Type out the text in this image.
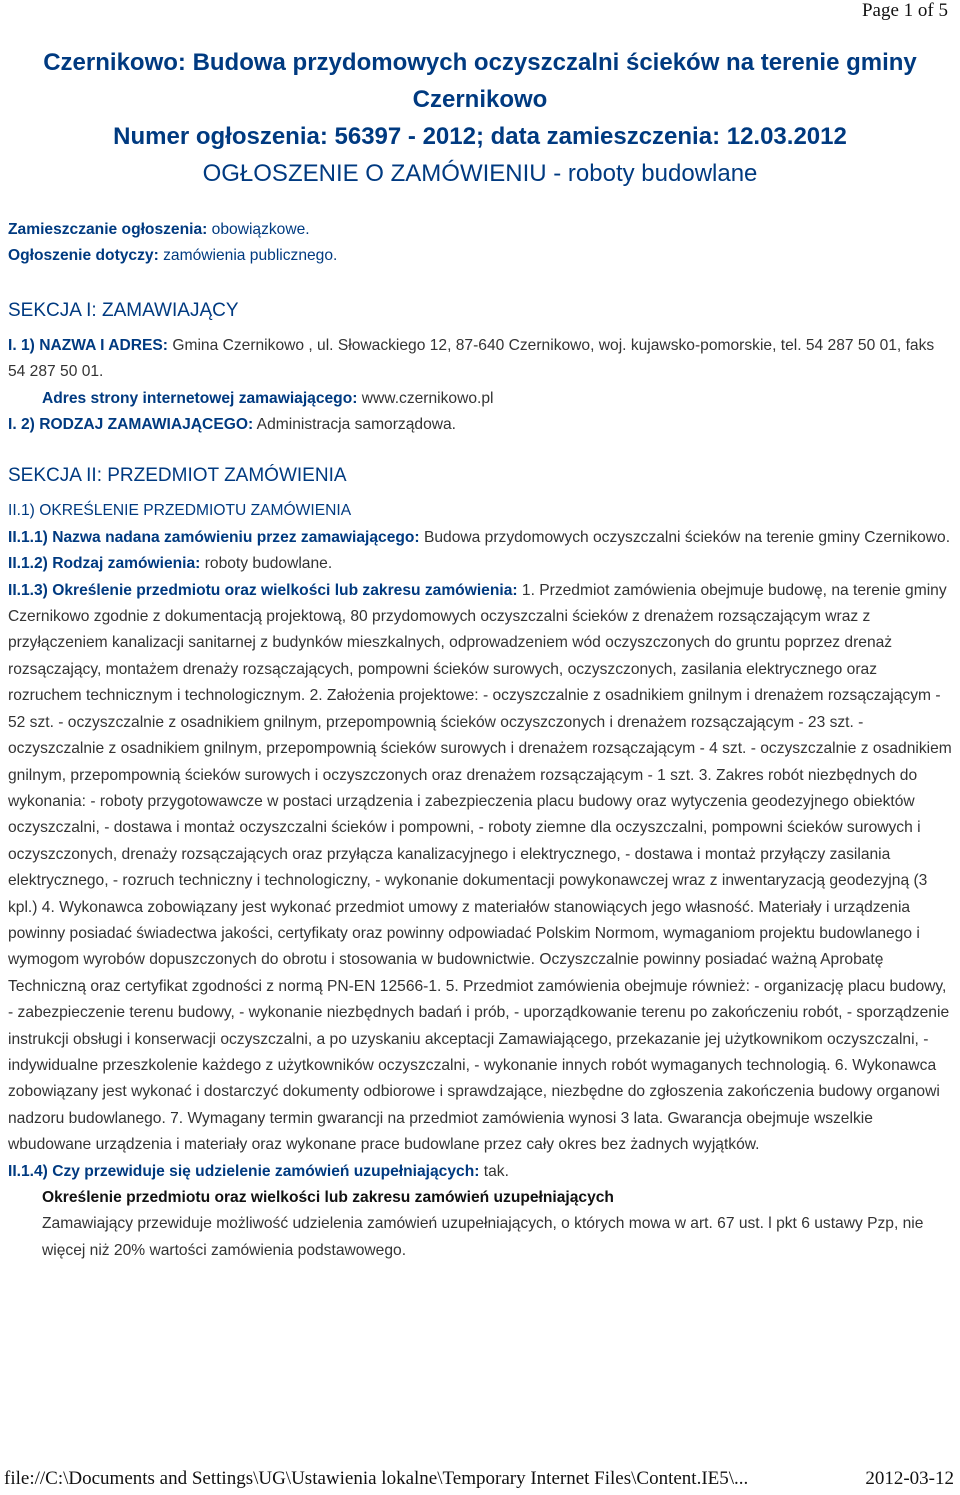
Page 1 of 5
Czernikowo: Budowa przydomowych oczyszczalni ścieków na terenie gminy
Czernikowo
Numer ogłoszenia: 56397 - 2012; data zamieszczenia: 12.03.2012
OGŁOSZENIE O ZAMÓWIENIU - roboty budowlane
Zamieszczanie ogłoszenia: obowiązkowe.
Ogłoszenie dotyczy: zamówienia publicznego.
SEKCJA I: ZAMAWIAJĄCY
I. 1) NAZWA I ADRES: Gmina Czernikowo , ul. Słowackiego 12, 87-640 Czernikowo, woj. kujawsko-pomorskie, tel. 54 287 50 01, faks 54 287 50 01.
Adres strony internetowej zamawiającego: www.czernikowo.pl
I. 2) RODZAJ ZAMAWIAJĄCEGO: Administracja samorządowa.
SEKCJA II: PRZEDMIOT ZAMÓWIENIA
II.1) OKREŚLENIE PRZEDMIOTU ZAMÓWIENIA
II.1.1) Nazwa nadana zamówieniu przez zamawiającego: Budowa przydomowych oczyszczalni ścieków na terenie gminy Czernikowo.
II.1.2) Rodzaj zamówienia: roboty budowlane.
II.1.3) Określenie przedmiotu oraz wielkości lub zakresu zamówienia: 1. Przedmiot zamówienia obejmuje budowę, na terenie gminy Czernikowo zgodnie z dokumentacją projektową, 80 przydomowych oczyszczalni ścieków z drenażem rozsączającym wraz z przyłączeniem kanalizacji sanitarnej z budynków mieszkalnych, odprowadzeniem wód oczyszczonych do gruntu poprzez drenaż rozsączający, montażem drenaży rozsączających, pompowni ścieków surowych, oczyszczonych, zasilania elektrycznego oraz rozruchem technicznym i technologicznym. 2. Założenia projektowe: - oczyszczalnie z osadnikiem gnilnym i drenażem rozsączającym - 52 szt. - oczyszczalnie z osadnikiem gnilnym, przepompownią ścieków oczyszczonych i drenażem rozsączającym - 23 szt. - oczyszczalnie z osadnikiem gnilnym, przepompownią ścieków surowych i drenażem rozsączającym - 4 szt. - oczyszczalnie z osadnikiem gnilnym, przepompownią ścieków surowych i oczyszczonych oraz drenażem rozsączającym - 1 szt. 3. Zakres robót niezbędnych do wykonania: - roboty przygotowawcze w postaci urządzenia i zabezpieczenia placu budowy oraz wytyczenia geodezyjnego obiektów oczyszczalni, - dostawa i montaż oczyszczalni ścieków i pompowni, - roboty ziemne dla oczyszczalni, pompowni ścieków surowych i oczyszczonych, drenaży rozsączających oraz przyłącza kanalizacyjnego i elektrycznego, - dostawa i montaż przyłączy zasilania elektrycznego, - rozruch techniczny i technologiczny, - wykonanie dokumentacji powykonawczej wraz z inwentaryzacją geodezyjną (3 kpl.) 4. Wykonawca zobowiązany jest wykonać przedmiot umowy z materiałów stanowiących jego własność. Materiały i urządzenia powinny posiadać świadectwa jakości, certyfikaty oraz powinny odpowiadać Polskim Normom, wymaganiom projektu budowlanego i wymogom wyrobów dopuszczonych do obrotu i stosowania w budownictwie. Oczyszczalnie powinny posiadać ważną Aprobatę Techniczną oraz certyfikat zgodności z normą PN-EN 12566-1. 5. Przedmiot zamówienia obejmuje również: - organizację placu budowy, - zabezpieczenie terenu budowy, - wykonanie niezbędnych badań i prób, - uporządkowanie terenu po zakończeniu robót, - sporządzenie instrukcji obsługi i konserwacji oczyszczalni, a po uzyskaniu akceptacji Zamawiającego, przekazanie jej użytkownikom oczyszczalni, - indywidualne przeszkolenie każdego z użytkowników oczyszczalni, - wykonanie innych robót wymaganych technologią. 6. Wykonawca zobowiązany jest wykonać i dostarczyć dokumenty odbiorowe i sprawdzające, niezbędne do zgłoszenia zakończenia budowy organowi nadzoru budowlanego. 7. Wymagany termin gwarancji na przedmiot zamówienia wynosi 3 lata. Gwarancja obejmuje wszelkie wbudowane urządzenia i materiały oraz wykonane prace budowlane przez cały okres bez żadnych wyjątków.
II.1.4) Czy przewiduje się udzielenie zamówień uzupełniających: tak.
Określenie przedmiotu oraz wielkości lub zakresu zamówień uzupełniających
Zamawiający przewiduje możliwość udzielenia zamówień uzupełniających, o których mowa w art. 67 ust. l pkt 6 ustawy Pzp, nie więcej niż 20% wartości zamówienia podstawowego.
file://C:\Documents and Settings\UG\Ustawienia lokalne\Temporary Internet Files\Content.IE5\...	2012-03-12
